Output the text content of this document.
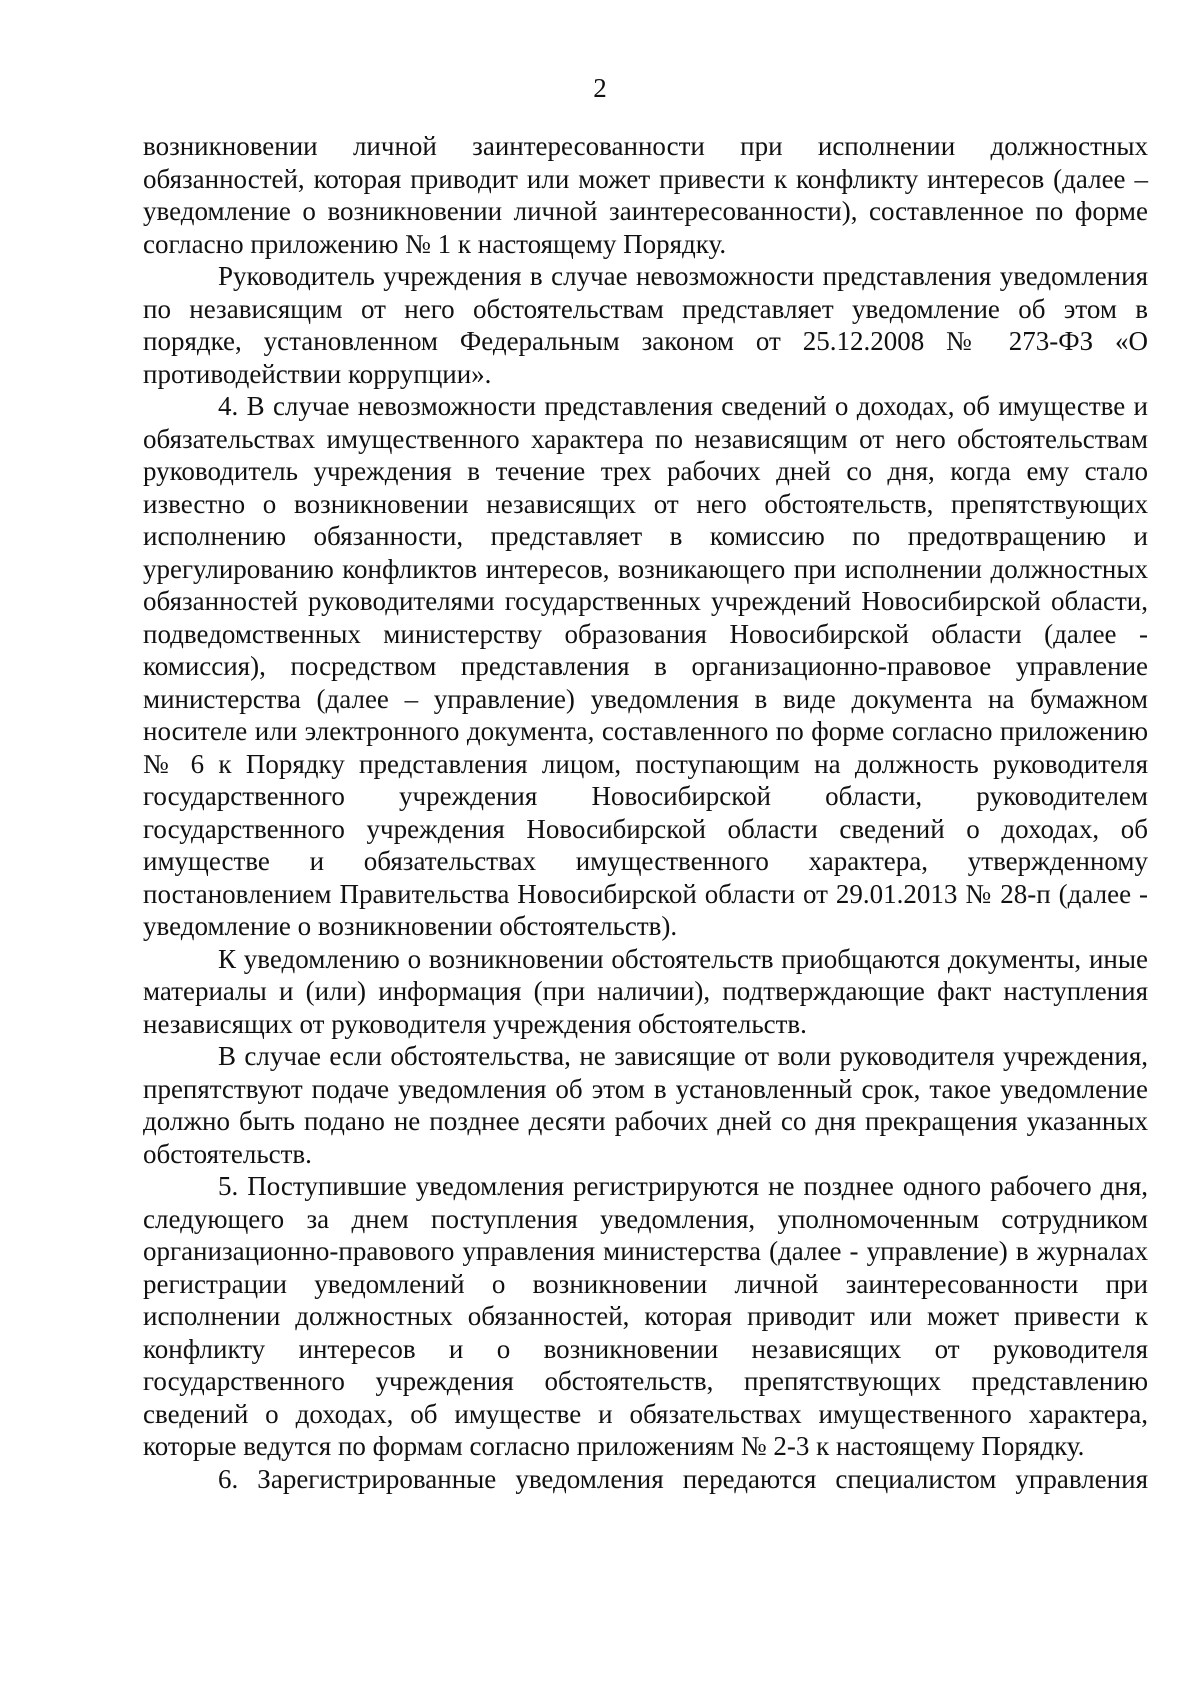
2

возникновении личной заинтересованности при исполнении должностных обязанностей, которая приводит или может привести к конфликту интересов (далее – уведомление о возникновении личной заинтересованности), составленное по форме согласно приложению № 1 к настоящему Порядку.

Руководитель учреждения в случае невозможности представления уведомления по независящим от него обстоятельствам представляет уведомление об этом в порядке, установленном Федеральным законом от 25.12.2008 № 273-ФЗ «О противодействии коррупции».

4. В случае невозможности представления сведений о доходах, об имуществе и обязательствах имущественного характера по независящим от него обстоятельствам руководитель учреждения в течение трех рабочих дней со дня, когда ему стало известно о возникновении независящих от него обстоятельств, препятствующих исполнению обязанности, представляет в комиссию по предотвращению и урегулированию конфликтов интересов, возникающего при исполнении должностных обязанностей руководителями государственных учреждений Новосибирской области, подведомственных министерству образования Новосибирской области (далее - комиссия), посредством представления в организационно-правовое управление министерства (далее – управление) уведомления в виде документа на бумажном носителе или электронного документа, составленного по форме согласно приложению № 6 к Порядку представления лицом, поступающим на должность руководителя государственного учреждения Новосибирской области, руководителем государственного учреждения Новосибирской области сведений о доходах, об имуществе и обязательствах имущественного характера, утвержденному постановлением Правительства Новосибирской области от 29.01.2013 № 28-п (далее - уведомление о возникновении обстоятельств).

К уведомлению о возникновении обстоятельств приобщаются документы, иные материалы и (или) информация (при наличии), подтверждающие факт наступления независящих от руководителя учреждения обстоятельств.

В случае если обстоятельства, не зависящие от воли руководителя учреждения, препятствуют подаче уведомления об этом в установленный срок, такое уведомление должно быть подано не позднее десяти рабочих дней со дня прекращения указанных обстоятельств.

5. Поступившие уведомления регистрируются не позднее одного рабочего дня, следующего за днем поступления уведомления, уполномоченным сотрудником организационно-правового управления министерства (далее - управление) в журналах регистрации уведомлений о возникновении личной заинтересованности при исполнении должностных обязанностей, которая приводит или может привести к конфликту интересов и о возникновении независящих от руководителя государственного учреждения обстоятельств, препятствующих представлению сведений о доходах, об имуществе и обязательствах имущественного характера, которые ведутся по формам согласно приложениям № 2-3 к настоящему Порядку.

6. Зарегистрированные уведомления передаются специалистом управления
